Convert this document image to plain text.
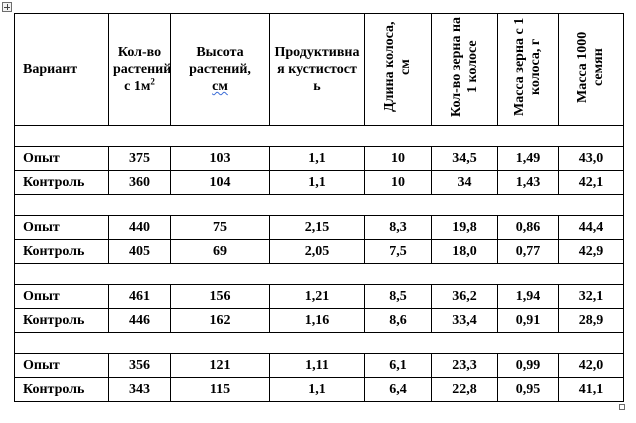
Вариант	Кол-во растений с $1м^2$	Высота растений,
см	Продуктивная кустистость	Длина колоса, см	Кол-во зерна на 1 колосе	Масса зерна с 1 колоса, г	Масса 1000 семян

Опыт	375	103	1,1	10	34,5	1,49	43,0
Контроль	360	104	1,1	10	34	1,43	42,1

Опыт	440	75	2,15	8,3	19,8	0,86	44,4
Контроль	405	69	2,05	7,5	18,0	0,77	42,9

Опыт	461	156	1,21	8,5	36,2	1,94	32,1
Контроль	446	162	1,16	8,6	33,4	0,91	28,9

Опыт	356	121	1,11	6,1	23,3	0,99	42,0
Контроль	343	115	1,1	6,4	22,8	0,95	41,1
